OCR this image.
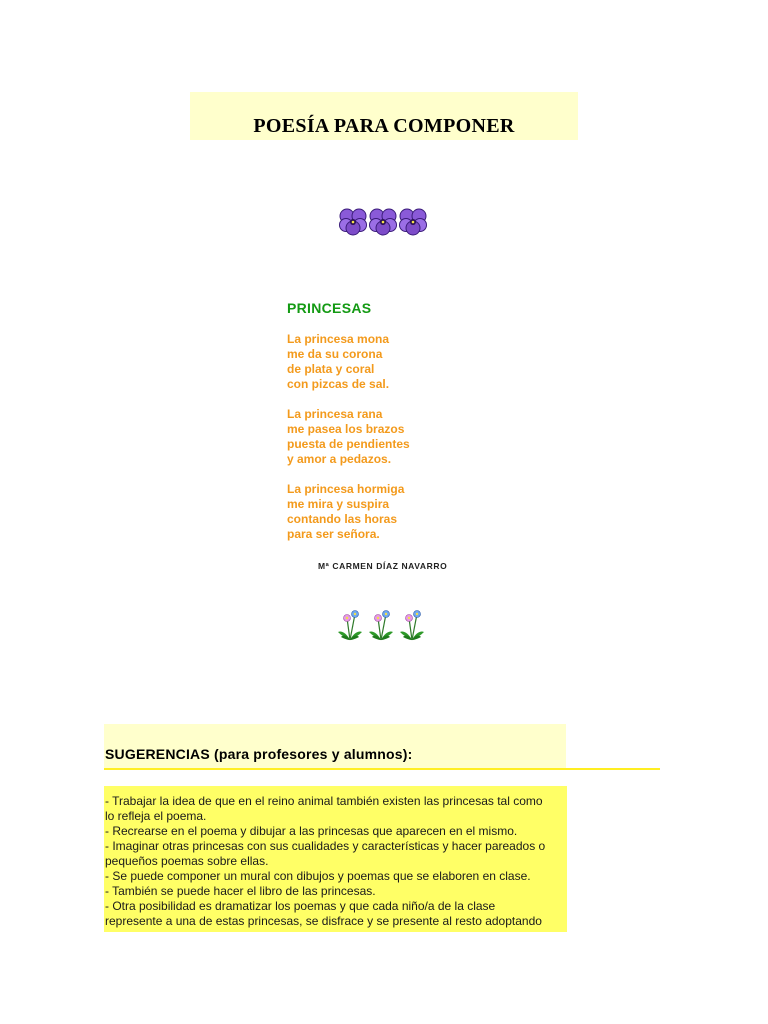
POESÍA PARA COMPONER
PRINCESAS
La princesa mona
me da su corona
de plata y coral
con pizcas de sal.
La princesa rana
me pasea los brazos
puesta de pendientes
y amor a pedazos.
La princesa hormiga
me mira y suspira
contando las horas
para ser señora.
Mª CARMEN DÍAZ NAVARRO
SUGERENCIAS (para profesores y alumnos):
- Trabajar la idea de que en el reino animal también existen las princesas tal como
lo refleja el poema.
- Recrearse en el poema y dibujar a las princesas que aparecen en el mismo.
- Imaginar otras princesas con sus cualidades y características y hacer pareados o
pequeños poemas sobre ellas.
- Se puede componer un mural con dibujos y poemas que se elaboren en clase.
- También se puede hacer el libro de las princesas.
- Otra posibilidad es dramatizar los poemas y que cada niño/a de la clase
represente a una de estas princesas, se disfrace y se presente al resto adoptando
